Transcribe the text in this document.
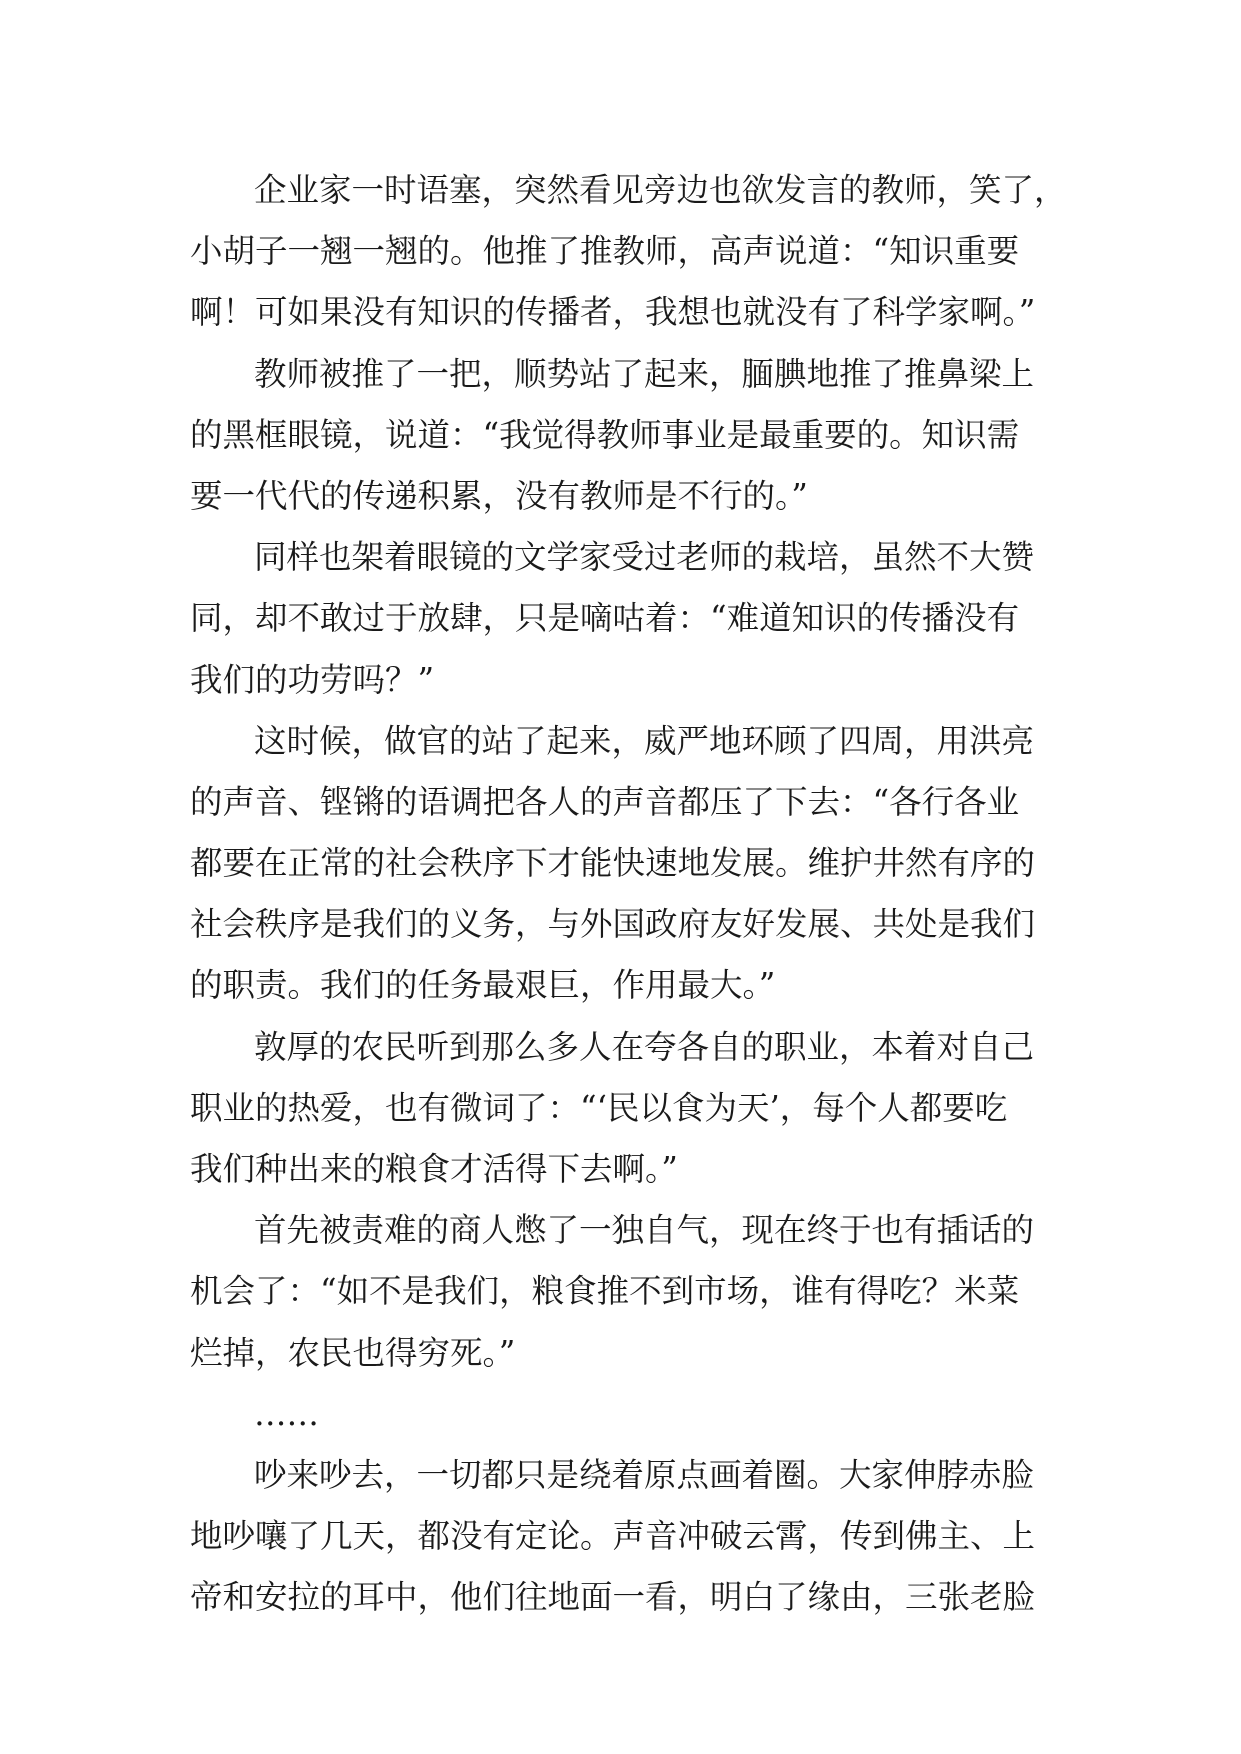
企业家一时语塞，突然看见旁边也欲发言的教师，笑了，
小胡子一翘一翘的。他推了推教师，高声说道：“知识重要
啊！可如果没有知识的传播者，我想也就没有了科学家啊。”
教师被推了一把，顺势站了起来，腼腆地推了推鼻梁上
的黑框眼镜，说道：“我觉得教师事业是最重要的。知识需
要一代代的传递积累，没有教师是不行的。”
同样也架着眼镜的文学家受过老师的栽培，虽然不大赞
同，却不敢过于放肆，只是嘀咕着：“难道知识的传播没有
我们的功劳吗？”
这时候，做官的站了起来，威严地环顾了四周，用洪亮
的声音、铿锵的语调把各人的声音都压了下去：“各行各业
都要在正常的社会秩序下才能快速地发展。维护井然有序的
社会秩序是我们的义务，与外国政府友好发展、共处是我们
的职责。我们的任务最艰巨，作用最大。”
敦厚的农民听到那么多人在夸各自的职业，本着对自己
职业的热爱，也有微词了：“‘民以食为天’，每个人都要吃
我们种出来的粮食才活得下去啊。”
首先被责难的商人憋了一独自气，现在终于也有插话的
机会了：“如不是我们，粮食推不到市场，谁有得吃？米菜
烂掉，农民也得穷死。”
……
吵来吵去，一切都只是绕着原点画着圈。大家伸脖赤脸
地吵嚷了几天，都没有定论。声音冲破云霄，传到佛主、上
帝和安拉的耳中，他们往地面一看，明白了缘由，三张老脸
